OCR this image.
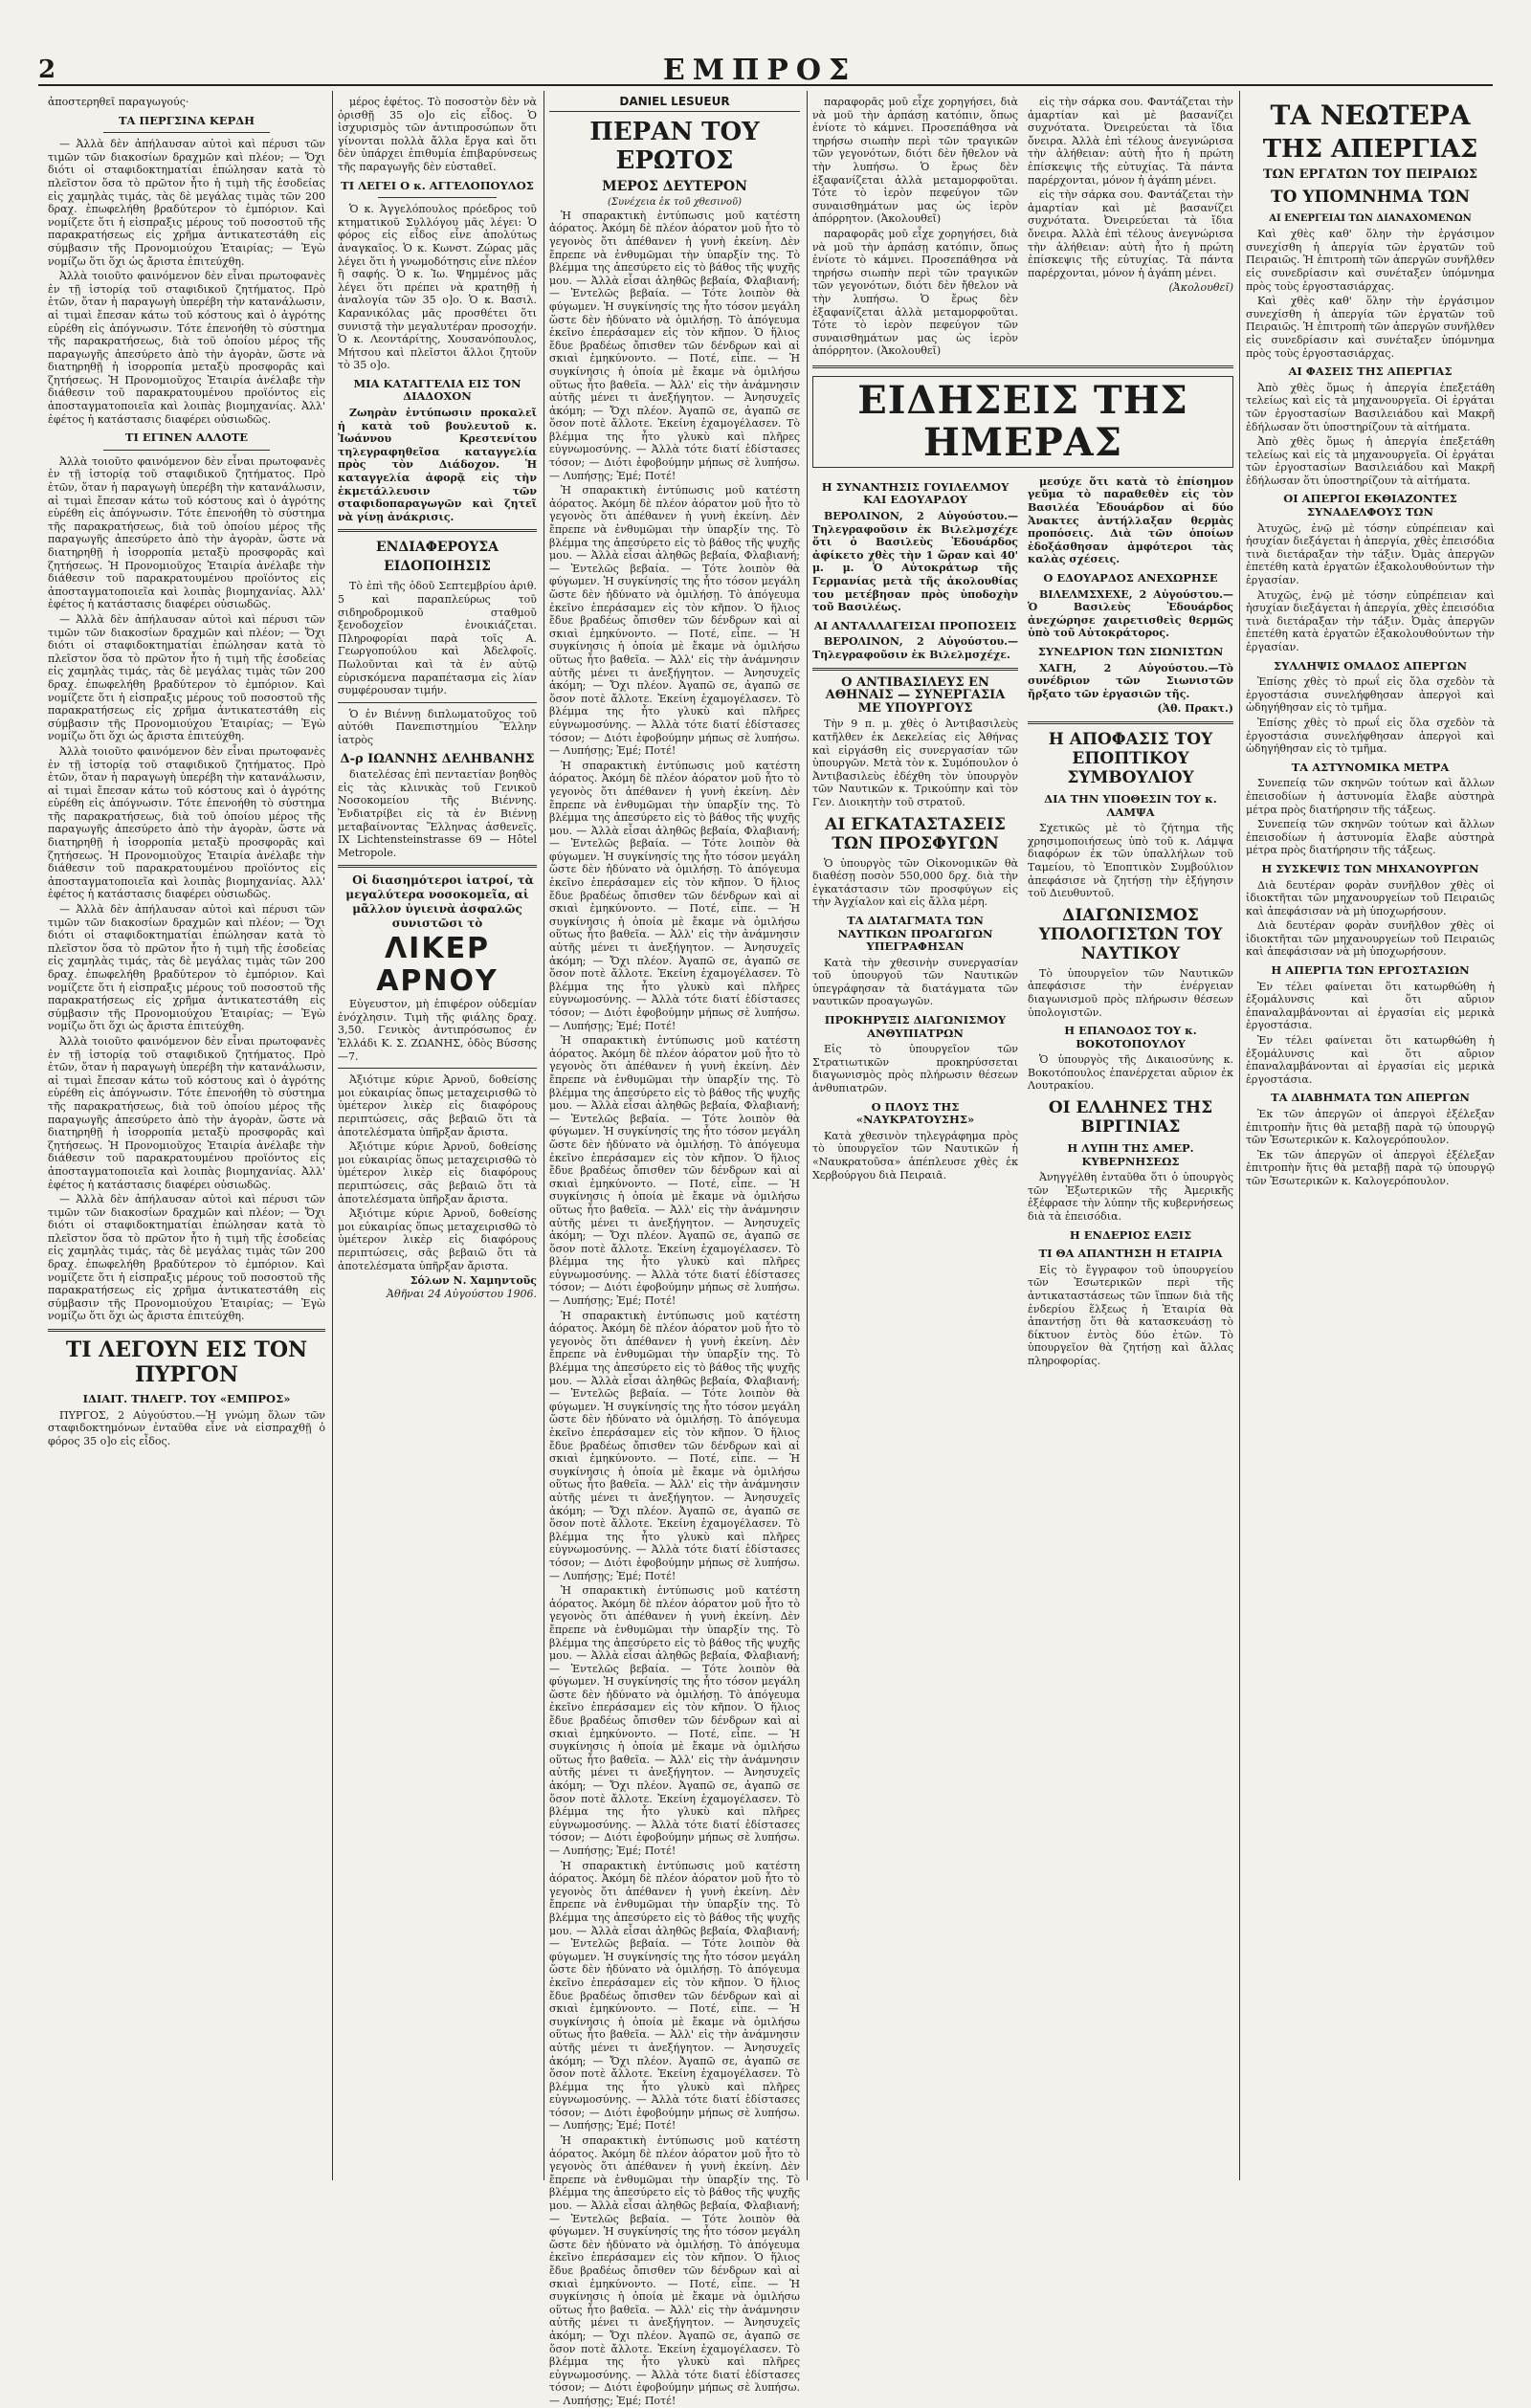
2	ΕΜΠΡΟΣ

ἀποστερηθεῖ παραγωγούς·

ΤΑ ΠΕΡΓΣΙΝΑ ΚΕΡΔΗ

— Ἀλλὰ δὲν ἀπήλαυσαν αὐτοὶ καὶ πέρυσι τῶν τιμῶν τῶν διακοσίων δραχμῶν καὶ πλέον; — Ὄχι διότι οἱ σταφιδοκτηματίαι ἐπώλησαν κατὰ τὸ πλεῖστον ὅσα τὸ πρῶτον ἦτο ἡ τιμὴ τῆς ἑσοδείας εἰς χαμηλὰς τιμάς, τὰς δὲ μεγάλας τιμὰς τῶν 200 δραχ. ἐπωφελήθη βραδύτερον τὸ ἐμπόριον. Καὶ νομίζετε ὅτι ἡ εἰσπραξις μέρους τοῦ ποσοστοῦ τῆς παρακρατήσεως εἰς χρῆμα ἀντικατεστάθη εἰς σύμβασιν τῆς Προνομιούχου Ἑταιρίας; — Ἐγὼ νομίζω ὅτι ὅχι ὡς ἄριστα ἐπιτεύχθη.

Ἀλλὰ τοιοῦτο φαινόμενον δὲν εἶναι πρωτοφανὲς ἐν τῇ ἱστορίᾳ τοῦ σταφιδικοῦ ζητήματος. Πρὸ ἐτῶν, ὅταν ἡ παραγωγὴ ὑπερέβη τὴν κατανάλωσιν, αἱ τιμαὶ ἔπεσαν κάτω τοῦ κόστους καὶ ὁ ἀγρότης εὑρέθη εἰς ἀπόγνωσιν. Τότε ἐπενοήθη τὸ σύστημα τῆς παρακρατήσεως, διὰ τοῦ ὁποίου μέρος τῆς παραγωγῆς ἀπεσύρετο ἀπὸ τὴν ἀγορὰν, ὥστε νὰ διατηρηθῇ ἡ ἰσορροπία μεταξὺ προσφορᾶς καὶ ζητήσεως. Ἡ Προνομιοῦχος Ἑταιρία ἀνέλαβε τὴν διάθεσιν τοῦ παρακρατουμένου προϊόντος εἰς ἀποσταγματοποιεῖα καὶ λοιπὰς βιομηχανίας. Ἀλλ' ἐφέτος ἡ κατάστασις διαφέρει οὐσιωδῶς.

ΤΙ ΕΓΙΝΕΝ ΑΛΛΟΤΕ

Ἀλλὰ τοιοῦτο φαινόμενον δὲν εἶναι πρωτοφανὲς ἐν τῇ ἱστορίᾳ τοῦ σταφιδικοῦ ζητήματος. Πρὸ ἐτῶν, ὅταν ἡ παραγωγὴ ὑπερέβη τὴν κατανάλωσιν, αἱ τιμαὶ ἔπεσαν κάτω τοῦ κόστους καὶ ὁ ἀγρότης εὑρέθη εἰς ἀπόγνωσιν. Τότε ἐπενοήθη τὸ σύστημα τῆς παρακρατήσεως, διὰ τοῦ ὁποίου μέρος τῆς παραγωγῆς ἀπεσύρετο ἀπὸ τὴν ἀγορὰν, ὥστε νὰ διατηρηθῇ ἡ ἰσορροπία μεταξὺ προσφορᾶς καὶ ζητήσεως. Ἡ Προνομιοῦχος Ἑταιρία ἀνέλαβε τὴν διάθεσιν τοῦ παρακρατουμένου προϊόντος εἰς ἀποσταγματοποιεῖα καὶ λοιπὰς βιομηχανίας. Ἀλλ' ἐφέτος ἡ κατάστασις διαφέρει οὐσιωδῶς.

— Ἀλλὰ δὲν ἀπήλαυσαν αὐτοὶ καὶ πέρυσι τῶν τιμῶν τῶν διακοσίων δραχμῶν καὶ πλέον; — Ὄχι διότι οἱ σταφιδοκτηματίαι ἐπώλησαν κατὰ τὸ πλεῖστον ὅσα τὸ πρῶτον ἦτο ἡ τιμὴ τῆς ἑσοδείας εἰς χαμηλὰς τιμάς, τὰς δὲ μεγάλας τιμὰς τῶν 200 δραχ. ἐπωφελήθη βραδύτερον τὸ ἐμπόριον. Καὶ νομίζετε ὅτι ἡ εἰσπραξις μέρους τοῦ ποσοστοῦ τῆς παρακρατήσεως εἰς χρῆμα ἀντικατεστάθη εἰς σύμβασιν τῆς Προνομιούχου Ἑταιρίας; — Ἐγὼ νομίζω ὅτι ὅχι ὡς ἄριστα ἐπιτεύχθη.

Ἀλλὰ τοιοῦτο φαινόμενον δὲν εἶναι πρωτοφανὲς ἐν τῇ ἱστορίᾳ τοῦ σταφιδικοῦ ζητήματος. Πρὸ ἐτῶν, ὅταν ἡ παραγωγὴ ὑπερέβη τὴν κατανάλωσιν, αἱ τιμαὶ ἔπεσαν κάτω τοῦ κόστους καὶ ὁ ἀγρότης εὑρέθη εἰς ἀπόγνωσιν. Τότε ἐπενοήθη τὸ σύστημα τῆς παρακρατήσεως, διὰ τοῦ ὁποίου μέρος τῆς παραγωγῆς ἀπεσύρετο ἀπὸ τὴν ἀγορὰν, ὥστε νὰ διατηρηθῇ ἡ ἰσορροπία μεταξὺ προσφορᾶς καὶ ζητήσεως. Ἡ Προνομιοῦχος Ἑταιρία ἀνέλαβε τὴν διάθεσιν τοῦ παρακρατουμένου προϊόντος εἰς ἀποσταγματοποιεῖα καὶ λοιπὰς βιομηχανίας. Ἀλλ' ἐφέτος ἡ κατάστασις διαφέρει οὐσιωδῶς.

— Ἀλλὰ δὲν ἀπήλαυσαν αὐτοὶ καὶ πέρυσι τῶν τιμῶν τῶν διακοσίων δραχμῶν καὶ πλέον; — Ὄχι διότι οἱ σταφιδοκτηματίαι ἐπώλησαν κατὰ τὸ πλεῖστον ὅσα τὸ πρῶτον ἦτο ἡ τιμὴ τῆς ἑσοδείας εἰς χαμηλὰς τιμάς, τὰς δὲ μεγάλας τιμὰς τῶν 200 δραχ. ἐπωφελήθη βραδύτερον τὸ ἐμπόριον. Καὶ νομίζετε ὅτι ἡ εἰσπραξις μέρους τοῦ ποσοστοῦ τῆς παρακρατήσεως εἰς χρῆμα ἀντικατεστάθη εἰς σύμβασιν τῆς Προνομιούχου Ἑταιρίας; — Ἐγὼ νομίζω ὅτι ὅχι ὡς ἄριστα ἐπιτεύχθη.

Ἀλλὰ τοιοῦτο φαινόμενον δὲν εἶναι πρωτοφανὲς ἐν τῇ ἱστορίᾳ τοῦ σταφιδικοῦ ζητήματος. Πρὸ ἐτῶν, ὅταν ἡ παραγωγὴ ὑπερέβη τὴν κατανάλωσιν, αἱ τιμαὶ ἔπεσαν κάτω τοῦ κόστους καὶ ὁ ἀγρότης εὑρέθη εἰς ἀπόγνωσιν. Τότε ἐπενοήθη τὸ σύστημα τῆς παρακρατήσεως, διὰ τοῦ ὁποίου μέρος τῆς παραγωγῆς ἀπεσύρετο ἀπὸ τὴν ἀγορὰν, ὥστε νὰ διατηρηθῇ ἡ ἰσορροπία μεταξὺ προσφορᾶς καὶ ζητήσεως. Ἡ Προνομιοῦχος Ἑταιρία ἀνέλαβε τὴν διάθεσιν τοῦ παρακρατουμένου προϊόντος εἰς ἀποσταγματοποιεῖα καὶ λοιπὰς βιομηχανίας. Ἀλλ' ἐφέτος ἡ κατάστασις διαφέρει οὐσιωδῶς.

— Ἀλλὰ δὲν ἀπήλαυσαν αὐτοὶ καὶ πέρυσι τῶν τιμῶν τῶν διακοσίων δραχμῶν καὶ πλέον; — Ὄχι διότι οἱ σταφιδοκτηματίαι ἐπώλησαν κατὰ τὸ πλεῖστον ὅσα τὸ πρῶτον ἦτο ἡ τιμὴ τῆς ἑσοδείας εἰς χαμηλὰς τιμάς, τὰς δὲ μεγάλας τιμὰς τῶν 200 δραχ. ἐπωφελήθη βραδύτερον τὸ ἐμπόριον. Καὶ νομίζετε ὅτι ἡ εἰσπραξις μέρους τοῦ ποσοστοῦ τῆς παρακρατήσεως εἰς χρῆμα ἀντικατεστάθη εἰς σύμβασιν τῆς Προνομιούχου Ἑταιρίας; — Ἐγὼ νομίζω ὅτι ὅχι ὡς ἄριστα ἐπιτεύχθη.

ΤΙ ΛΕΓΟΥΝ ΕΙΣ ΤΟΝ ΠΥΡΓΟΝ
ΙΔΙΑΙΤ. ΤΗΛΕΓΡ. ΤΟΥ «ΕΜΠΡΟΣ»

ΠΥΡΓΟΣ, 2 Αὐγούστου.—Ἡ γνώμη ὅλων τῶν σταφιδοκτημόνων ἐνταῦθα εἶνε νὰ εἰσπραχθῇ ὁ φόρος 35 ο]ο εἰς εἶδος.

μέρος ἐφέτος. Τὸ ποσοστὸν δὲν νὰ ὁρισθῇ 35 ο]ο εἰς εἶδος. Ὁ ἰσχυρισμὸς τῶν ἀντιπροσώπων ὅτι γίνονται πολλὰ ἄλλα ἔργα καὶ ὅτι δὲν ὑπάρχει ἐπιθυμία ἐπιβαρύνσεως τῆς παραγωγῆς δὲν εὐσταθεῖ.

ΤΙ ΛΕΓΕΙ Ο κ. ΑΓΓΕΛΟΠΟΥΛΟΣ

Ὁ κ. Ἀγγελόπουλος πρόεδρος τοῦ κτηματικοῦ Συλλόγου μᾶς λέγει: Ὁ φόρος εἰς εἶδος εἶνε ἀπολύτως ἀναγκαῖος. Ὁ κ. Κωνστ. Ζώρας μᾶς λέγει ὅτι ἡ γνωμοδότησις εἶνε πλέον ἢ σαφής. Ὁ κ. Ἰω. Ψημμένος μᾶς λέγει ὅτι πρέπει νὰ κρατηθῇ ἡ ἀναλογία τῶν 35 ο]ο. Ὁ κ. Βασιλ. Καρανικόλας μᾶς προσθέτει ὅτι συνιστᾷ τὴν μεγαλυτέραν προσοχήν. Ὁ κ. Λεοντάρίτης, Χουσανόπουλος, Μήτσου καὶ πλεῖστοι ἄλλοι ζητοῦν τὸ 35 ο]ο.

ΜΙΑ ΚΑΤΑΓΓΕΛΙΑ ΕΙΣ ΤΟΝ ΔΙΑΔΟΧΟΝ

Ζωηρὰν ἐντύπωσιν προκαλεῖ ἡ κατὰ τοῦ βουλευτοῦ κ. Ἰωάννου Κρεστενίτου τηλεγραφηθεῖσα καταγγελία πρὸς τὸν Διάδοχον. Ἡ καταγγελία ἀφορᾷ εἰς τὴν ἐκμετάλλευσιν τῶν σταφιδοπαραγωγῶν καὶ ζητεῖ νὰ γίνῃ ἀνάκρισις.

ΕΝΔΙΑΦΕΡΟΥΣΑ ΕΙΔΟΠΟΙΗΣΙΣ

Τὸ ἐπὶ τῆς ὁδοῦ Σεπτεμβρίου ἀριθ. 5 καὶ παραπλεύρως τοῦ σιδηροδρομικοῦ σταθμοῦ ξενοδοχεῖον ἐνοικιάζεται. Πληροφορίαι παρὰ τοῖς Α. Γεωργοπούλου καὶ Ἀδελφοῖς. Πωλοῦνται καὶ τὰ ἐν αὐτῷ εὑρισκόμενα παραπέτασμα εἰς λίαν συμφέρουσαν τιμήν.

Ὁ ἐν Βιέννῃ διπλωματοῦχος τοῦ αὐτόθι Πανεπιστημίου Ἕλλην ἰατρὸς

Δ-ρ ΙΩΑΝΝΗΣ ΔΕΛΗΒΑΝΗΣ

διατελέσας ἐπὶ πενταετίαν βοηθὸς εἰς τὰς κλινικὰς τοῦ Γενικοῦ Νοσοκομείου τῆς Βιέννης. Ἐνδιατρίβει εἰς τὰ ἐν Βιέννῃ μεταβαίνοντας Ἕλληνας ἀσθενεῖς. IX Lichtensteinstrasse 69 — Hôtel Metropole.

Οἱ διασημότεροι ἰατροί, τὰ μεγαλύτερα νοσοκομεῖα, αἱ μᾶλλον ὑγιεινὰ ἀσφαλῶς συνιστῶσι τὸ

ΛΙΚΕΡ ΑΡΝΟΥ

Εὐγευστον, μὴ ἐπιφέρον οὐδεμίαν ἐνόχλησιν. Τιμὴ τῆς φιάλης δραχ. 3,50. Γενικὸς ἀντιπρόσωπος ἐν Ἑλλάδι Κ. Σ. ΖΩΑΝΗΣ, ὁδὸς Βύσσης—7.

Ἀξιότιμε κύριε Ἀρνοῦ, δοθείσης μοι εὐκαιρίας ὅπως μεταχειρισθῶ τὸ ὑμέτερον λικὲρ εἰς διαφόρους περιπτώσεις, σᾶς βεβαιῶ ὅτι τὰ ἀποτελέσματα ὑπῆρξαν ἄριστα.

Ἀξιότιμε κύριε Ἀρνοῦ, δοθείσης μοι εὐκαιρίας ὅπως μεταχειρισθῶ τὸ ὑμέτερον λικὲρ εἰς διαφόρους περιπτώσεις, σᾶς βεβαιῶ ὅτι τὰ ἀποτελέσματα ὑπῆρξαν ἄριστα.

Ἀξιότιμε κύριε Ἀρνοῦ, δοθείσης μοι εὐκαιρίας ὅπως μεταχειρισθῶ τὸ ὑμέτερον λικὲρ εἰς διαφόρους περιπτώσεις, σᾶς βεβαιῶ ὅτι τὰ ἀποτελέσματα ὑπῆρξαν ἄριστα.

Σόλων Ν. Χαμηντοῦς
Ἀθῆναι 24 Αὐγούστου 1906.
DANIEL LESUEUR
ΠΕΡΑΝ ΤΟΥ ΕΡΩΤΟΣ
ΜΕΡΟΣ ΔΕΥΤΕΡΟΝ
(Συνέχεια ἐκ τοῦ χθεσινοῦ)

Ἡ σπαρακτικὴ ἐντύπωσις μοῦ κατέστη ἀόρατος. Ἀκόμη δὲ πλέον ἀόρατον μοῦ ἦτο τὸ γεγονὸς ὅτι ἀπέθανεν ἡ γυνὴ ἐκείνη. Δὲν ἔπρεπε νὰ ἐνθυμῶμαι τὴν ὑπαρξίν της. Τὸ βλέμμα της ἀπεσύρετο εἰς τὸ βάθος τῆς ψυχῆς μου. — Ἀλλὰ εἶσαι ἀληθῶς βεβαία, Φλαβιανή; — Ἐντελῶς βεβαία. — Τότε λοιπὸν θὰ φύγωμεν. Ἡ συγκίνησίς της ἦτο τόσον μεγάλη ὥστε δὲν ἠδύνατο νὰ ὁμιλήσῃ. Τὸ ἀπόγευμα ἐκεῖνο ἐπεράσαμεν εἰς τὸν κῆπον. Ὁ ἥλιος ἔδυε βραδέως ὄπισθεν τῶν δένδρων καὶ αἱ σκιαὶ ἐμηκύνοντο. — Ποτέ, εἶπε. — Ἡ συγκίνησις ἡ ὁποία μὲ ἔκαμε νὰ ὁμιλήσω οὕτως ἦτο βαθεῖα. — Ἀλλ' εἰς τὴν ἀνάμνησιν αὐτῆς μένει τι ἀνεξήγητον. — Ἀνησυχεῖς ἀκόμη; — Ὄχι πλέον. Ἀγαπῶ σε, ἀγαπῶ σε ὅσον ποτὲ ἄλλοτε. Ἐκείνη ἐχαμογέλασεν. Τὸ βλέμμα της ἦτο γλυκὺ καὶ πλῆρες εὐγνωμοσύνης. — Ἀλλὰ τότε διατί ἐδίστασες τόσον; — Διότι ἐφοβούμην μήπως σὲ λυπήσω. — Λυπήσῃς; Ἐμέ; Ποτέ!

Ἡ σπαρακτικὴ ἐντύπωσις μοῦ κατέστη ἀόρατος. Ἀκόμη δὲ πλέον ἀόρατον μοῦ ἦτο τὸ γεγονὸς ὅτι ἀπέθανεν ἡ γυνὴ ἐκείνη. Δὲν ἔπρεπε νὰ ἐνθυμῶμαι τὴν ὑπαρξίν της. Τὸ βλέμμα της ἀπεσύρετο εἰς τὸ βάθος τῆς ψυχῆς μου. — Ἀλλὰ εἶσαι ἀληθῶς βεβαία, Φλαβιανή; — Ἐντελῶς βεβαία. — Τότε λοιπὸν θὰ φύγωμεν. Ἡ συγκίνησίς της ἦτο τόσον μεγάλη ὥστε δὲν ἠδύνατο νὰ ὁμιλήσῃ. Τὸ ἀπόγευμα ἐκεῖνο ἐπεράσαμεν εἰς τὸν κῆπον. Ὁ ἥλιος ἔδυε βραδέως ὄπισθεν τῶν δένδρων καὶ αἱ σκιαὶ ἐμηκύνοντο. — Ποτέ, εἶπε. — Ἡ συγκίνησις ἡ ὁποία μὲ ἔκαμε νὰ ὁμιλήσω οὕτως ἦτο βαθεῖα. — Ἀλλ' εἰς τὴν ἀνάμνησιν αὐτῆς μένει τι ἀνεξήγητον. — Ἀνησυχεῖς ἀκόμη; — Ὄχι πλέον. Ἀγαπῶ σε, ἀγαπῶ σε ὅσον ποτὲ ἄλλοτε. Ἐκείνη ἐχαμογέλασεν. Τὸ βλέμμα της ἦτο γλυκὺ καὶ πλῆρες εὐγνωμοσύνης. — Ἀλλὰ τότε διατί ἐδίστασες τόσον; — Διότι ἐφοβούμην μήπως σὲ λυπήσω. — Λυπήσῃς; Ἐμέ; Ποτέ!

Ἡ σπαρακτικὴ ἐντύπωσις μοῦ κατέστη ἀόρατος. Ἀκόμη δὲ πλέον ἀόρατον μοῦ ἦτο τὸ γεγονὸς ὅτι ἀπέθανεν ἡ γυνὴ ἐκείνη. Δὲν ἔπρεπε νὰ ἐνθυμῶμαι τὴν ὑπαρξίν της. Τὸ βλέμμα της ἀπεσύρετο εἰς τὸ βάθος τῆς ψυχῆς μου. — Ἀλλὰ εἶσαι ἀληθῶς βεβαία, Φλαβιανή; — Ἐντελῶς βεβαία. — Τότε λοιπὸν θὰ φύγωμεν. Ἡ συγκίνησίς της ἦτο τόσον μεγάλη ὥστε δὲν ἠδύνατο νὰ ὁμιλήσῃ. Τὸ ἀπόγευμα ἐκεῖνο ἐπεράσαμεν εἰς τὸν κῆπον. Ὁ ἥλιος ἔδυε βραδέως ὄπισθεν τῶν δένδρων καὶ αἱ σκιαὶ ἐμηκύνοντο. — Ποτέ, εἶπε. — Ἡ συγκίνησις ἡ ὁποία μὲ ἔκαμε νὰ ὁμιλήσω οὕτως ἦτο βαθεῖα. — Ἀλλ' εἰς τὴν ἀνάμνησιν αὐτῆς μένει τι ἀνεξήγητον. — Ἀνησυχεῖς ἀκόμη; — Ὄχι πλέον. Ἀγαπῶ σε, ἀγαπῶ σε ὅσον ποτὲ ἄλλοτε. Ἐκείνη ἐχαμογέλασεν. Τὸ βλέμμα της ἦτο γλυκὺ καὶ πλῆρες εὐγνωμοσύνης. — Ἀλλὰ τότε διατί ἐδίστασες τόσον; — Διότι ἐφοβούμην μήπως σὲ λυπήσω. — Λυπήσῃς; Ἐμέ; Ποτέ!

Ἡ σπαρακτικὴ ἐντύπωσις μοῦ κατέστη ἀόρατος. Ἀκόμη δὲ πλέον ἀόρατον μοῦ ἦτο τὸ γεγονὸς ὅτι ἀπέθανεν ἡ γυνὴ ἐκείνη. Δὲν ἔπρεπε νὰ ἐνθυμῶμαι τὴν ὑπαρξίν της. Τὸ βλέμμα της ἀπεσύρετο εἰς τὸ βάθος τῆς ψυχῆς μου. — Ἀλλὰ εἶσαι ἀληθῶς βεβαία, Φλαβιανή; — Ἐντελῶς βεβαία. — Τότε λοιπὸν θὰ φύγωμεν. Ἡ συγκίνησίς της ἦτο τόσον μεγάλη ὥστε δὲν ἠδύνατο νὰ ὁμιλήσῃ. Τὸ ἀπόγευμα ἐκεῖνο ἐπεράσαμεν εἰς τὸν κῆπον. Ὁ ἥλιος ἔδυε βραδέως ὄπισθεν τῶν δένδρων καὶ αἱ σκιαὶ ἐμηκύνοντο. — Ποτέ, εἶπε. — Ἡ συγκίνησις ἡ ὁποία μὲ ἔκαμε νὰ ὁμιλήσω οὕτως ἦτο βαθεῖα. — Ἀλλ' εἰς τὴν ἀνάμνησιν αὐτῆς μένει τι ἀνεξήγητον. — Ἀνησυχεῖς ἀκόμη; — Ὄχι πλέον. Ἀγαπῶ σε, ἀγαπῶ σε ὅσον ποτὲ ἄλλοτε. Ἐκείνη ἐχαμογέλασεν. Τὸ βλέμμα της ἦτο γλυκὺ καὶ πλῆρες εὐγνωμοσύνης. — Ἀλλὰ τότε διατί ἐδίστασες τόσον; — Διότι ἐφοβούμην μήπως σὲ λυπήσω. — Λυπήσῃς; Ἐμέ; Ποτέ!

Ἡ σπαρακτικὴ ἐντύπωσις μοῦ κατέστη ἀόρατος. Ἀκόμη δὲ πλέον ἀόρατον μοῦ ἦτο τὸ γεγονὸς ὅτι ἀπέθανεν ἡ γυνὴ ἐκείνη. Δὲν ἔπρεπε νὰ ἐνθυμῶμαι τὴν ὑπαρξίν της. Τὸ βλέμμα της ἀπεσύρετο εἰς τὸ βάθος τῆς ψυχῆς μου. — Ἀλλὰ εἶσαι ἀληθῶς βεβαία, Φλαβιανή; — Ἐντελῶς βεβαία. — Τότε λοιπὸν θὰ φύγωμεν. Ἡ συγκίνησίς της ἦτο τόσον μεγάλη ὥστε δὲν ἠδύνατο νὰ ὁμιλήσῃ. Τὸ ἀπόγευμα ἐκεῖνο ἐπεράσαμεν εἰς τὸν κῆπον. Ὁ ἥλιος ἔδυε βραδέως ὄπισθεν τῶν δένδρων καὶ αἱ σκιαὶ ἐμηκύνοντο. — Ποτέ, εἶπε. — Ἡ συγκίνησις ἡ ὁποία μὲ ἔκαμε νὰ ὁμιλήσω οὕτως ἦτο βαθεῖα. — Ἀλλ' εἰς τὴν ἀνάμνησιν αὐτῆς μένει τι ἀνεξήγητον. — Ἀνησυχεῖς ἀκόμη; — Ὄχι πλέον. Ἀγαπῶ σε, ἀγαπῶ σε ὅσον ποτὲ ἄλλοτε. Ἐκείνη ἐχαμογέλασεν. Τὸ βλέμμα της ἦτο γλυκὺ καὶ πλῆρες εὐγνωμοσύνης. — Ἀλλὰ τότε διατί ἐδίστασες τόσον; — Διότι ἐφοβούμην μήπως σὲ λυπήσω. — Λυπήσῃς; Ἐμέ; Ποτέ!

Ἡ σπαρακτικὴ ἐντύπωσις μοῦ κατέστη ἀόρατος. Ἀκόμη δὲ πλέον ἀόρατον μοῦ ἦτο τὸ γεγονὸς ὅτι ἀπέθανεν ἡ γυνὴ ἐκείνη. Δὲν ἔπρεπε νὰ ἐνθυμῶμαι τὴν ὑπαρξίν της. Τὸ βλέμμα της ἀπεσύρετο εἰς τὸ βάθος τῆς ψυχῆς μου. — Ἀλλὰ εἶσαι ἀληθῶς βεβαία, Φλαβιανή; — Ἐντελῶς βεβαία. — Τότε λοιπὸν θὰ φύγωμεν. Ἡ συγκίνησίς της ἦτο τόσον μεγάλη ὥστε δὲν ἠδύνατο νὰ ὁμιλήσῃ. Τὸ ἀπόγευμα ἐκεῖνο ἐπεράσαμεν εἰς τὸν κῆπον. Ὁ ἥλιος ἔδυε βραδέως ὄπισθεν τῶν δένδρων καὶ αἱ σκιαὶ ἐμηκύνοντο. — Ποτέ, εἶπε. — Ἡ συγκίνησις ἡ ὁποία μὲ ἔκαμε νὰ ὁμιλήσω οὕτως ἦτο βαθεῖα. — Ἀλλ' εἰς τὴν ἀνάμνησιν αὐτῆς μένει τι ἀνεξήγητον. — Ἀνησυχεῖς ἀκόμη; — Ὄχι πλέον. Ἀγαπῶ σε, ἀγαπῶ σε ὅσον ποτὲ ἄλλοτε. Ἐκείνη ἐχαμογέλασεν. Τὸ βλέμμα της ἦτο γλυκὺ καὶ πλῆρες εὐγνωμοσύνης. — Ἀλλὰ τότε διατί ἐδίστασες τόσον; — Διότι ἐφοβούμην μήπως σὲ λυπήσω. — Λυπήσῃς; Ἐμέ; Ποτέ!

Ἡ σπαρακτικὴ ἐντύπωσις μοῦ κατέστη ἀόρατος. Ἀκόμη δὲ πλέον ἀόρατον μοῦ ἦτο τὸ γεγονὸς ὅτι ἀπέθανεν ἡ γυνὴ ἐκείνη. Δὲν ἔπρεπε νὰ ἐνθυμῶμαι τὴν ὑπαρξίν της. Τὸ βλέμμα της ἀπεσύρετο εἰς τὸ βάθος τῆς ψυχῆς μου. — Ἀλλὰ εἶσαι ἀληθῶς βεβαία, Φλαβιανή; — Ἐντελῶς βεβαία. — Τότε λοιπὸν θὰ φύγωμεν. Ἡ συγκίνησίς της ἦτο τόσον μεγάλη ὥστε δὲν ἠδύνατο νὰ ὁμιλήσῃ. Τὸ ἀπόγευμα ἐκεῖνο ἐπεράσαμεν εἰς τὸν κῆπον. Ὁ ἥλιος ἔδυε βραδέως ὄπισθεν τῶν δένδρων καὶ αἱ σκιαὶ ἐμηκύνοντο. — Ποτέ, εἶπε. — Ἡ συγκίνησις ἡ ὁποία μὲ ἔκαμε νὰ ὁμιλήσω οὕτως ἦτο βαθεῖα. — Ἀλλ' εἰς τὴν ἀνάμνησιν αὐτῆς μένει τι ἀνεξήγητον. — Ἀνησυχεῖς ἀκόμη; — Ὄχι πλέον. Ἀγαπῶ σε, ἀγαπῶ σε ὅσον ποτὲ ἄλλοτε. Ἐκείνη ἐχαμογέλασεν. Τὸ βλέμμα της ἦτο γλυκὺ καὶ πλῆρες εὐγνωμοσύνης. — Ἀλλὰ τότε διατί ἐδίστασες τόσον; — Διότι ἐφοβούμην μήπως σὲ λυπήσω. — Λυπήσῃς; Ἐμέ; Ποτέ!

Ἡ σπαρακτικὴ ἐντύπωσις μοῦ κατέστη ἀόρατος. Ἀκόμη δὲ πλέον ἀόρατον μοῦ ἦτο τὸ γεγονὸς ὅτι ἀπέθανεν ἡ γυνὴ ἐκείνη. Δὲν ἔπρεπε νὰ ἐνθυμῶμαι τὴν ὑπαρξίν της. Τὸ βλέμμα της ἀπεσύρετο εἰς τὸ βάθος τῆς ψυχῆς μου. — Ἀλλὰ εἶσαι ἀληθῶς βεβαία, Φλαβιανή; — Ἐντελῶς βεβαία. — Τότε λοιπὸν θὰ φύγωμεν. Ἡ συγκίνησίς της ἦτο τόσον μεγάλη ὥστε δὲν ἠδύνατο νὰ ὁμιλήσῃ. Τὸ ἀπόγευμα ἐκεῖνο ἐπεράσαμεν εἰς τὸν κῆπον. Ὁ ἥλιος ἔδυε βραδέως ὄπισθεν τῶν δένδρων καὶ αἱ σκιαὶ ἐμηκύνοντο. — Ποτέ, εἶπε. — Ἡ συγκίνησις ἡ ὁποία μὲ ἔκαμε νὰ ὁμιλήσω οὕτως ἦτο βαθεῖα. — Ἀλλ' εἰς τὴν ἀνάμνησιν αὐτῆς μένει τι ἀνεξήγητον. — Ἀνησυχεῖς ἀκόμη; — Ὄχι πλέον. Ἀγαπῶ σε, ἀγαπῶ σε ὅσον ποτὲ ἄλλοτε. Ἐκείνη ἐχαμογέλασεν. Τὸ βλέμμα της ἦτο γλυκὺ καὶ πλῆρες εὐγνωμοσύνης. — Ἀλλὰ τότε διατί ἐδίστασες τόσον; — Διότι ἐφοβούμην μήπως σὲ λυπήσω. — Λυπήσῃς; Ἐμέ; Ποτέ!

παραφορᾶς μοῦ εἶχε χορηγήσει, διὰ νὰ μοῦ τὴν ἀρπάσῃ κατόπιν, ὅπως ἐνίοτε τὸ κάμνει. Προσεπάθησα νὰ τηρήσω σιωπὴν περὶ τῶν τραγικῶν τῶν γεγονότων, διότι δὲν ἤθελον νὰ τὴν λυπήσω. Ὁ ἔρως δὲν ἐξαφανίζεται ἀλλὰ μεταμορφοῦται. Τότε τὸ ἱερὸν πεφεύγον τῶν συναισθημάτων μας ὡς ἱερὸν ἀπόρρητον. (Ἀκολουθεῖ)

παραφορᾶς μοῦ εἶχε χορηγήσει, διὰ νὰ μοῦ τὴν ἀρπάσῃ κατόπιν, ὅπως ἐνίοτε τὸ κάμνει. Προσεπάθησα νὰ τηρήσω σιωπὴν περὶ τῶν τραγικῶν τῶν γεγονότων, διότι δὲν ἤθελον νὰ τὴν λυπήσω. Ὁ ἔρως δὲν ἐξαφανίζεται ἀλλὰ μεταμορφοῦται. Τότε τὸ ἱερὸν πεφεύγον τῶν συναισθημάτων μας ὡς ἱερὸν ἀπόρρητον. (Ἀκολουθεῖ)

εἰς τὴν σάρκα σου. Φαντάζεται τὴν ἁμαρτίαν καὶ μὲ βασανίζει συχνότατα. Ὀνειρεύεται τὰ ἴδια ὄνειρα. Ἀλλὰ ἐπὶ τέλους ἀνεγνώρισα τὴν ἀλήθειαν: αὐτὴ ἦτο ἡ πρώτη ἐπίσκεψις τῆς εὐτυχίας. Τὰ πάντα παρέρχονται, μόνον ἡ ἀγάπη μένει.

εἰς τὴν σάρκα σου. Φαντάζεται τὴν ἁμαρτίαν καὶ μὲ βασανίζει συχνότατα. Ὀνειρεύεται τὰ ἴδια ὄνειρα. Ἀλλὰ ἐπὶ τέλους ἀνεγνώρισα τὴν ἀλήθειαν: αὐτὴ ἦτο ἡ πρώτη ἐπίσκεψις τῆς εὐτυχίας. Τὰ πάντα παρέρχονται, μόνον ἡ ἀγάπη μένει.

(Ἀκολουθεῖ)
ΕΙΔΗΣΕΙΣ ΤΗΣ ΗΜΕΡΑΣ
Η ΣΥΝΑΝΤΗΣΙΣ ΓΟΥΙΛΕΛΜΟΥ ΚΑΙ ΕΔΟΥΑΡΔΟΥ

ΒΕΡΟΛΙΝΟΝ, 2 Αὐγούστου.—Τηλεγραφοῦσιν ἐκ Βιλελμσχέχε ὅτι ὁ Βασιλεὺς Ἐδουάρδος ἀφίκετο χθὲς τὴν 1 ὥραν καὶ 40' μ. μ. Ὁ Αὐτοκράτωρ τῆς Γερμανίας μετὰ τῆς ἀκολουθίας του μετέβησαν πρὸς ὑποδοχὴν τοῦ Βασιλέως.

ΑΙ ΑΝΤΑΛΛΑΓΕΙΣΑΙ ΠΡΟΠΟΣΕΙΣ

ΒΕΡΟΛΙΝΟΝ, 2 Αὐγούστου.—Τηλεγραφοῦσιν ἐκ Βιλελμσχέχε.

Ο ΑΝΤΙΒΑΣΙΛΕΥΣ ΕΝ ΑΘΗΝΑΙΣ — ΣΥΝΕΡΓΑΣΙΑ ΜΕ ΥΠΟΥΡΓΟΥΣ

Τὴν 9 π. μ. χθὲς ὁ Ἀντιβασιλεὺς κατῆλθεν ἐκ Δεκελείας εἰς Ἀθήνας καὶ εἰργάσθη εἰς συνεργασίαν τῶν ὑπουργῶν. Μετὰ τὸν κ. Συμόπουλον ὁ Ἀντιβασιλεὺς ἐδέχθη τὸν ὑπουργὸν τῶν Ναυτικῶν κ. Τρικούπην καὶ τὸν Γεν. Διοικητὴν τοῦ στρατοῦ.

ΑΙ ΕΓΚΑΤΑΣΤΑΣΕΙΣ ΤΩΝ ΠΡΟΣΦΥΓΩΝ

Ὁ ὑπουργὸς τῶν Οἰκονομικῶν θὰ διαθέσῃ ποσὸν 550,000 δρχ. διὰ τὴν ἐγκατάστασιν τῶν προσφύγων εἰς τὴν Ἀγχίαλον καὶ εἰς ἄλλα μέρη.

ΤΑ ΔΙΑΤΑΓΜΑΤΑ ΤΩΝ ΝΑΥΤΙΚΩΝ ΠΡΟΑΓΩΓΩΝ ΥΠΕΓΡΑΦΗΣΑΝ

Κατὰ τὴν χθεσινὴν συνεργασίαν τοῦ ὑπουργοῦ τῶν Ναυτικῶν ὑπεγράφησαν τὰ διατάγματα τῶν ναυτικῶν προαγωγῶν.

ΠΡΟΚΗΡΥΞΙΣ ΔΙΑΓΩΝΙΣΜΟΥ ΑΝΘΥΠΙΑΤΡΩΝ

Εἰς τὸ ὑπουργεῖον τῶν Στρατιωτικῶν προκηρύσσεται διαγωνισμὸς πρὸς πλήρωσιν θέσεων ἀνθυπιατρῶν.

Ο ΠΛΟΥΣ ΤΗΣ «ΝΑΥΚΡΑΤΟΥΣΗΣ»

Κατὰ χθεσινὸν τηλεγράφημα πρὸς τὸ ὑπουργεῖον τῶν Ναυτικῶν ἡ «Ναυκρατοῦσα» ἀπέπλευσε χθὲς ἐκ Χερβούργου διὰ Πειραιᾶ.

μεσύχε ὅτι κατὰ τὸ ἐπίσημον γεῦμα τὸ παραθεθὲν εἰς τὸν Βασιλέα Ἐδουάρδον αἱ δύο Ἀνακτες ἀντήλλαξαν θερμὰς προπόσεις. Διὰ τῶν ὁποίων ἐδοξάσθησαν ἀμφότεροι τὰς καλὰς σχέσεις.

Ο ΕΔΟΥΑΡΔΟΣ ΑΝΕΧΩΡΗΣΕ

ΒΙΛΕΛΜΣΧΕΧΕ, 2 Αὐγούστου.—Ὁ Βασιλεὺς Ἐδουάρδος ἀνεχώρησε χαιρετισθεὶς θερμῶς ὑπὸ τοῦ Αὐτοκράτορος.

ΣΥΝΕΔΡΙΟΝ ΤΩΝ ΣΙΩΝΙΣΤΩΝ

ΧΑΓΗ, 2 Αὐγούστου.—Τὸ συνέδριον τῶν Σιωνιστῶν ἤρξατο τῶν ἐργασιῶν τῆς.

(Ἀθ. Πρακτ.)
Η ΑΠΟΦΑΣΙΣ ΤΟΥ ΕΠΟΠΤΙΚΟΥ ΣΥΜΒΟΥΛΙΟΥ
ΔΙΑ ΤΗΝ ΥΠΟΘΕΣΙΝ ΤΟΥ κ. ΛΑΜΨΑ

Σχετικῶς μὲ τὸ ζήτημα τῆς χρησιμοποιήσεως ὑπὸ τοῦ κ. Λάμψα διαφόρων ἐκ τῶν ὑπαλλήλων τοῦ Ταμείου, τὸ Ἐποπτικὸν Συμβούλιον ἀπεφάσισε νὰ ζητήσῃ τὴν ἐξήγησιν τοῦ Διευθυντοῦ.

ΔΙΑΓΩΝΙΣΜΟΣ ΥΠΟΛΟΓΙΣΤΩΝ ΤΟΥ ΝΑΥΤΙΚΟΥ

Τὸ ὑπουργεῖον τῶν Ναυτικῶν ἀπεφάσισε τὴν ἐνέργειαν διαγωνισμοῦ πρὸς πλήρωσιν θέσεων ὑπολογιστῶν.

Η ΕΠΑΝΟΔΟΣ ΤΟΥ κ. ΒΟΚΟΤΟΠΟΥΛΟΥ

Ὁ ὑπουργὸς τῆς Δικαιοσύνης κ. Βοκοτόπουλος ἐπανέρχεται αὔριον ἐκ Λουτρακίου.

ΟΙ ΕΛΛΗΝΕΣ ΤΗΣ ΒΙΡΓΙΝΙΑΣ
Η ΛΥΠΗ ΤΗΣ ΑΜΕΡ. ΚΥΒΕΡΝΗΣΕΩΣ

Ἀνηγγέλθη ἐνταῦθα ὅτι ὁ ὑπουργὸς τῶν Ἐξωτερικῶν τῆς Ἀμερικῆς ἐξέφρασε τὴν λύπην τῆς κυβερνήσεως διὰ τὰ ἐπεισόδια.

Η ΕΝΔΕΡΙΟΣ ΕΛΞΙΣ
ΤΙ ΘΑ ΑΠΑΝΤΗΣΗ Η ΕΤΑΙΡΙΑ

Εἰς τὸ ἔγγραφον τοῦ ὑπουργείου τῶν Ἐσωτερικῶν περὶ τῆς ἀντικαταστάσεως τῶν ἵππων διὰ τῆς ἐνδερίου ἕλξεως ἡ Ἑταιρία θὰ ἀπαντήσῃ ὅτι θὰ κατασκευάσῃ τὸ δίκτυον ἐντὸς δύο ἐτῶν. Τὸ ὑπουργεῖον θὰ ζητήσῃ καὶ ἄλλας πληροφορίας.

ΤΑ ΝΕΩΤΕΡΑ
ΤΗΣ ΑΠΕΡΓΙΑΣ
ΤΩΝ ΕΡΓΑΤΩΝ ΤΟΥ ΠΕΙΡΑΙΩΣ
ΤΟ ΥΠΟΜΝΗΜΑ ΤΩΝ
ΑΙ ΕΝΕΡΓΕΙΑΙ ΤΩΝ ΔΙΑΝΑΧΟΜΕΝΩΝ

Καὶ χθὲς καθ' ὅλην τὴν ἐργάσιμον συνεχίσθη ἡ ἀπεργία τῶν ἐργατῶν τοῦ Πειραιῶς. Ἡ ἐπιτροπὴ τῶν ἀπεργῶν συνῆλθεν εἰς συνεδρίασιν καὶ συνέταξεν ὑπόμνημα πρὸς τοὺς ἐργοστασιάρχας.

Καὶ χθὲς καθ' ὅλην τὴν ἐργάσιμον συνεχίσθη ἡ ἀπεργία τῶν ἐργατῶν τοῦ Πειραιῶς. Ἡ ἐπιτροπὴ τῶν ἀπεργῶν συνῆλθεν εἰς συνεδρίασιν καὶ συνέταξεν ὑπόμνημα πρὸς τοὺς ἐργοστασιάρχας.

ΑΙ ΦΑΣΕΙΣ ΤΗΣ ΑΠΕΡΓΙΑΣ

Ἀπὸ χθὲς ὅμως ἡ ἀπεργία ἐπεξετάθη τελείως καὶ εἰς τὰ μηχανουργεῖα. Οἱ ἐργάται τῶν ἐργοστασίων Βασιλειάδου καὶ Μακρῆ ἐδήλωσαν ὅτι ὑποστηρίζουν τὰ αἰτήματα.

Ἀπὸ χθὲς ὅμως ἡ ἀπεργία ἐπεξετάθη τελείως καὶ εἰς τὰ μηχανουργεῖα. Οἱ ἐργάται τῶν ἐργοστασίων Βασιλειάδου καὶ Μακρῆ ἐδήλωσαν ὅτι ὑποστηρίζουν τὰ αἰτήματα.

ΟΙ ΑΠΕΡΓΟΙ ΕΚΘΙΑΖΟΝΤΕΣ ΣΥΝΑΔΕΛΦΟΥΣ ΤΩΝ

Ἀτυχῶς, ἐνῷ μὲ τόσην εὐπρέπειαν καὶ ἡσυχίαν διεξάγεται ἡ ἀπεργία, χθὲς ἐπεισόδια τινὰ διετάραξαν τὴν τάξιν. Ὀμὰς ἀπεργῶν ἐπετέθη κατὰ ἐργατῶν ἐξακολουθούντων τὴν ἐργασίαν.

Ἀτυχῶς, ἐνῷ μὲ τόσην εὐπρέπειαν καὶ ἡσυχίαν διεξάγεται ἡ ἀπεργία, χθὲς ἐπεισόδια τινὰ διετάραξαν τὴν τάξιν. Ὀμὰς ἀπεργῶν ἐπετέθη κατὰ ἐργατῶν ἐξακολουθούντων τὴν ἐργασίαν.

ΣΥΛΛΗΨΙΣ ΟΜΑΔΟΣ ΑΠΕΡΓΩΝ

Ἐπίσης χθὲς τὸ πρωΐ εἰς ὅλα σχεδὸν τὰ ἐργοστάσια συνελήφθησαν ἀπεργοὶ καὶ ὡδηγήθησαν εἰς τὸ τμῆμα.

Ἐπίσης χθὲς τὸ πρωΐ εἰς ὅλα σχεδὸν τὰ ἐργοστάσια συνελήφθησαν ἀπεργοὶ καὶ ὡδηγήθησαν εἰς τὸ τμῆμα.

ΤΑ ΑΣΤΥΝΟΜΙΚΑ ΜΕΤΡΑ

Συνεπείᾳ τῶν σκηνῶν τούτων καὶ ἄλλων ἐπεισοδίων ἡ ἀστυνομία ἔλαβε αὐστηρὰ μέτρα πρὸς διατήρησιν τῆς τάξεως.

Συνεπείᾳ τῶν σκηνῶν τούτων καὶ ἄλλων ἐπεισοδίων ἡ ἀστυνομία ἔλαβε αὐστηρὰ μέτρα πρὸς διατήρησιν τῆς τάξεως.

Η ΣΥΣΚΕΨΙΣ ΤΩΝ ΜΗΧΑΝΟΥΡΓΩΝ

Διὰ δευτέραν φορὰν συνῆλθον χθὲς οἱ ἰδιοκτῆται τῶν μηχανουργείων τοῦ Πειραιῶς καὶ ἀπεφάσισαν νὰ μὴ ὑποχωρήσουν.

Διὰ δευτέραν φορὰν συνῆλθον χθὲς οἱ ἰδιοκτῆται τῶν μηχανουργείων τοῦ Πειραιῶς καὶ ἀπεφάσισαν νὰ μὴ ὑποχωρήσουν.

Η ΑΠΕΡΓΙΑ ΤΩΝ ΕΡΓΟΣΤΑΣΙΩΝ

Ἐν τέλει φαίνεται ὅτι κατωρθώθη ἡ ἐξομάλυνσις καὶ ὅτι αὔριον ἐπαναλαμβάνονται αἱ ἐργασίαι εἰς μερικὰ ἐργοστάσια.

Ἐν τέλει φαίνεται ὅτι κατωρθώθη ἡ ἐξομάλυνσις καὶ ὅτι αὔριον ἐπαναλαμβάνονται αἱ ἐργασίαι εἰς μερικὰ ἐργοστάσια.

ΤΑ ΔΙΑΒΗΜΑΤΑ ΤΩΝ ΑΠΕΡΓΩΝ

Ἐκ τῶν ἀπεργῶν οἱ ἀπεργοὶ ἐξέλεξαν ἐπιτροπὴν ἥτις θὰ μεταβῇ παρὰ τῷ ὑπουργῷ τῶν Ἐσωτερικῶν κ. Καλογερόπουλον.

Ἐκ τῶν ἀπεργῶν οἱ ἀπεργοὶ ἐξέλεξαν ἐπιτροπὴν ἥτις θὰ μεταβῇ παρὰ τῷ ὑπουργῷ τῶν Ἐσωτερικῶν κ. Καλογερόπουλον.
